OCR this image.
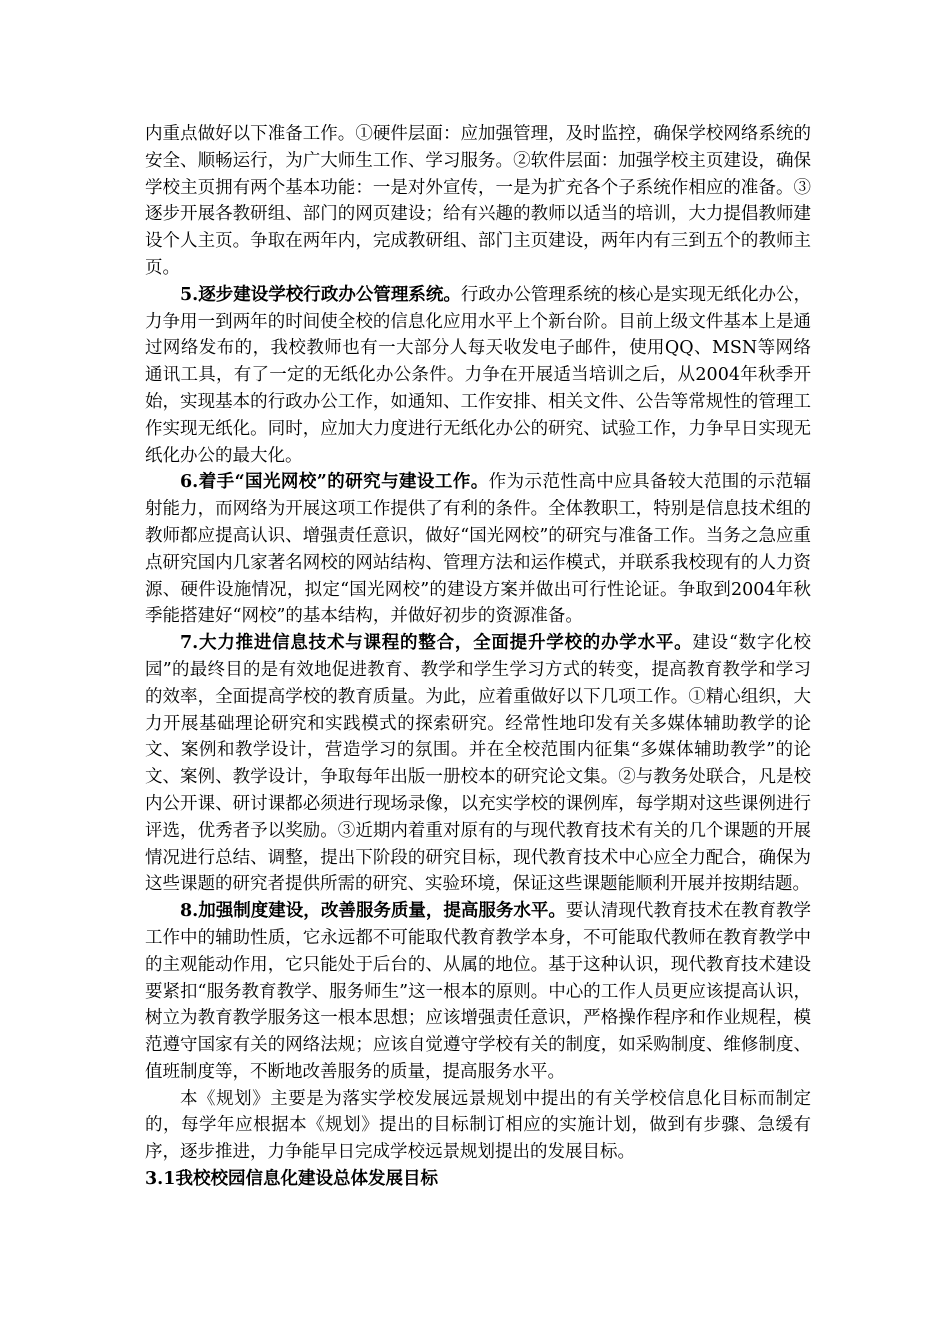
内重点做好以下准备工作。①硬件层面：应加强管理，及时监控，确保学校网络系统的安全、顺畅运行，为广大师生工作、学习服务。②软件层面：加强学校主页建设，确保学校主页拥有两个基本功能：一是对外宣传，一是为扩充各个子系统作相应的准备。③逐步开展各教研组、部门的网页建设；给有兴趣的教师以适当的培训，大力提倡教师建设个人主页。争取在两年内，完成教研组、部门主页建设，两年内有三到五个的教师主页。

5.逐步建设学校行政办公管理系统。行政办公管理系统的核心是实现无纸化办公，力争用一到两年的时间使全校的信息化应用水平上个新台阶。目前上级文件基本上是通过网络发布的，我校教师也有一大部分人每天收发电子邮件，使用QQ、MSN等网络通讯工具，有了一定的无纸化办公条件。力争在开展适当培训之后，从2004年秋季开始，实现基本的行政办公工作，如通知、工作安排、相关文件、公告等常规性的管理工作实现无纸化。同时，应加大力度进行无纸化办公的研究、试验工作，力争早日实现无纸化办公的最大化。

6.着手“国光网校”的研究与建设工作。作为示范性高中应具备较大范围的示范辐射能力，而网络为开展这项工作提供了有利的条件。全体教职工，特别是信息技术组的教师都应提高认识、增强责任意识，做好“国光网校”的研究与准备工作。当务之急应重点研究国内几家著名网校的网站结构、管理方法和运作模式，并联系我校现有的人力资源、硬件设施情况，拟定“国光网校”的建设方案并做出可行性论证。争取到2004年秋季能搭建好“网校”的基本结构，并做好初步的资源准备。

7.大力推进信息技术与课程的整合，全面提升学校的办学水平。建设“数字化校园”的最终目的是有效地促进教育、教学和学生学习方式的转变，提高教育教学和学习的效率，全面提高学校的教育质量。为此，应着重做好以下几项工作。①精心组织，大力开展基础理论研究和实践模式的探索研究。经常性地印发有关多媒体辅助教学的论文、案例和教学设计，营造学习的氛围。并在全校范围内征集“多媒体辅助教学”的论文、案例、教学设计，争取每年出版一册校本的研究论文集。②与教务处联合，凡是校内公开课、研讨课都必须进行现场录像，以充实学校的课例库，每学期对这些课例进行评选，优秀者予以奖励。③近期内着重对原有的与现代教育技术有关的几个课题的开展情况进行总结、调整，提出下阶段的研究目标，现代教育技术中心应全力配合，确保为这些课题的研究者提供所需的研究、实验环境，保证这些课题能顺利开展并按期结题。

8.加强制度建设，改善服务质量，提高服务水平。要认清现代教育技术在教育教学工作中的辅助性质，它永远都不可能取代教育教学本身，不可能取代教师在教育教学中的主观能动作用，它只能处于后台的、从属的地位。基于这种认识，现代教育技术建设要紧扣“服务教育教学、服务师生”这一根本的原则。中心的工作人员更应该提高认识，树立为教育教学服务这一根本思想；应该增强责任意识，严格操作程序和作业规程，模范遵守国家有关的网络法规；应该自觉遵守学校有关的制度，如采购制度、维修制度、值班制度等，不断地改善服务的质量，提高服务水平。

本《规划》主要是为落实学校发展远景规划中提出的有关学校信息化目标而制定的，每学年应根据本《规划》提出的目标制订相应的实施计划，做到有步骤、急缓有序，逐步推进，力争能早日完成学校远景规划提出的发展目标。

3.1我校校园信息化建设总体发展目标
